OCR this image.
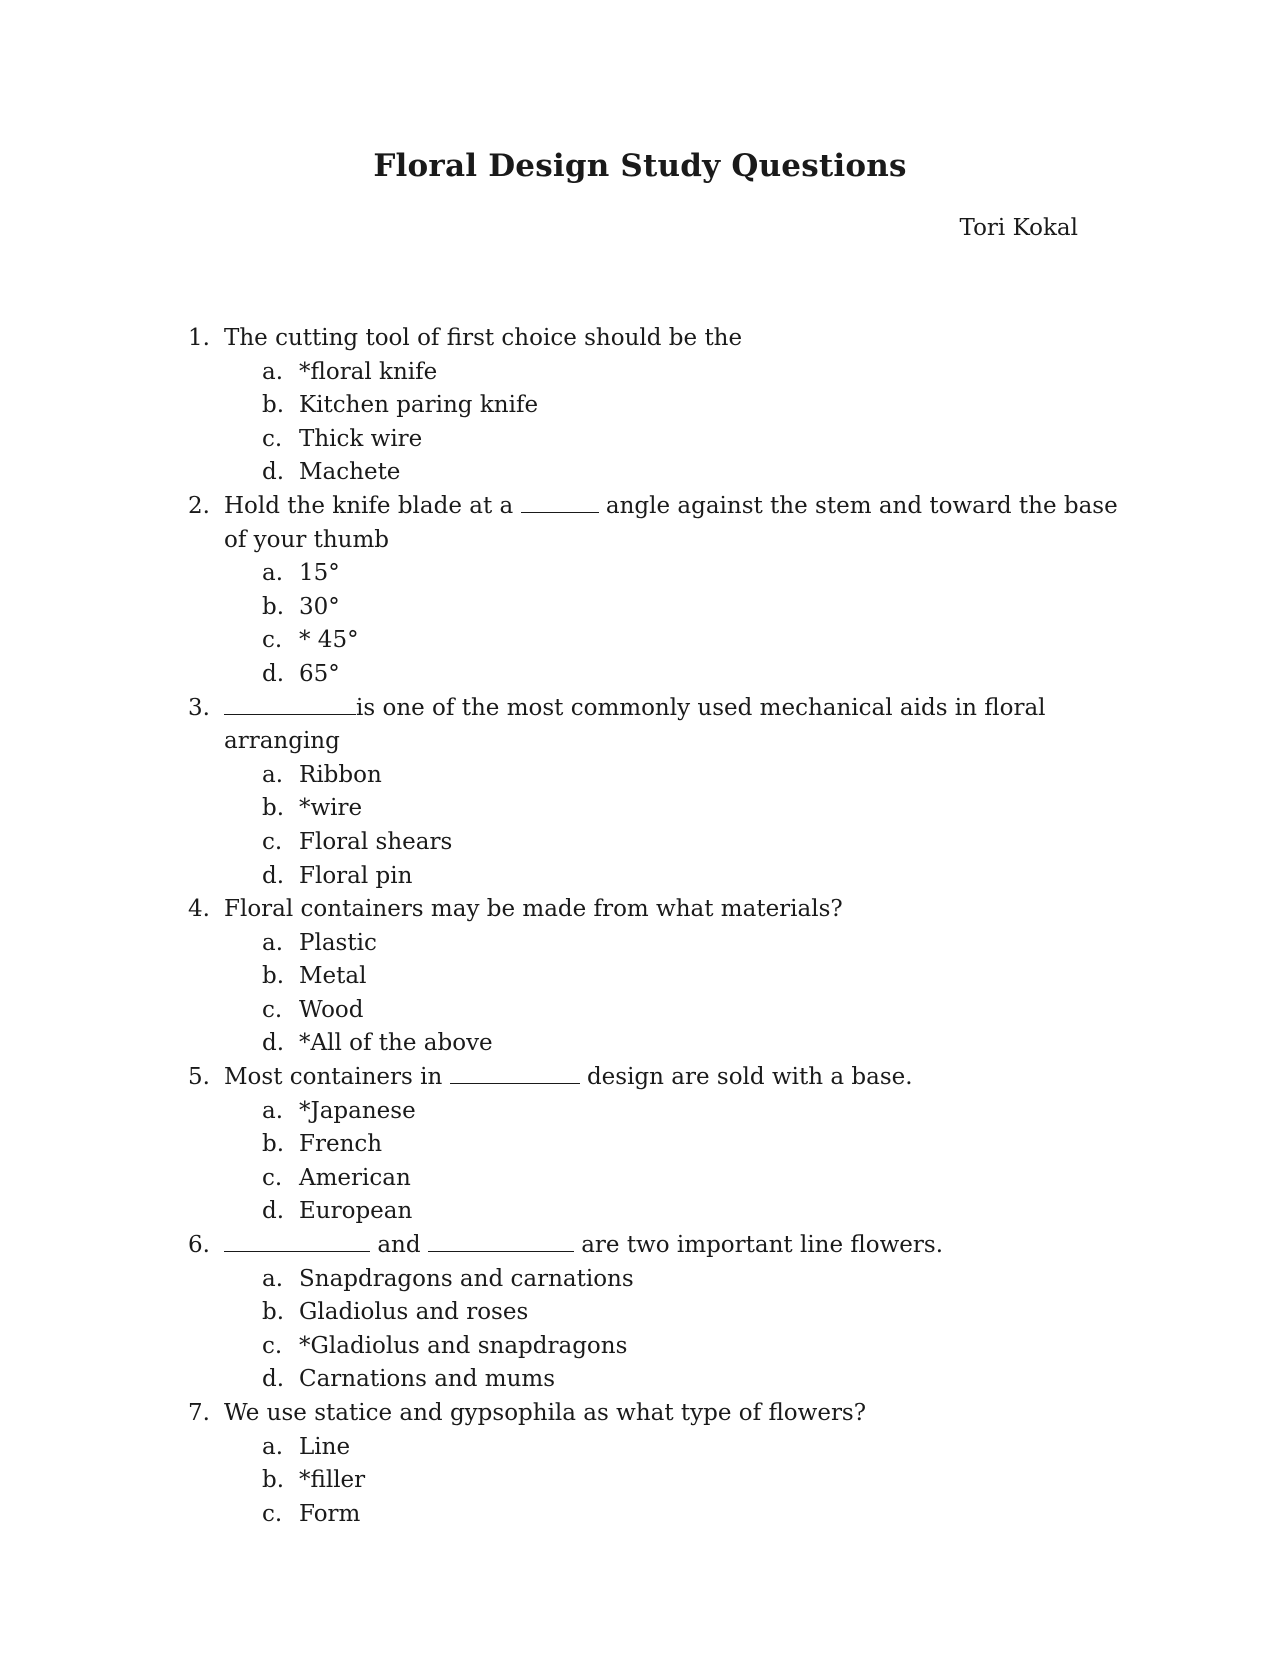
Floral Design Study Questions

Tori Kokal

1. The cutting tool of first choice should be the
a. *floral knife
b. Kitchen paring knife
c. Thick wire
d. Machete
2. Hold the knife blade at a	angle against the stem and toward the base of your thumb
a. 15°
b. 30°
c. * 45°
d. 65°
3.	is one of the most commonly used mechanical aids in floral arranging
a. Ribbon
b. *wire
c. Floral shears
d. Floral pin
4. Floral containers may be made from what materials?
a. Plastic
b. Metal
c. Wood
d. *All of the above
5. Most containers in	design are sold with a base.
a. *Japanese
b. French
c. American
d. European
6.	and	are two important line flowers.
a. Snapdragons and carnations
b. Gladiolus and roses
c. *Gladiolus and snapdragons
d. Carnations and mums
7. We use statice and gypsophila as what type of flowers?
a. Line
b. *filler
c. Form
